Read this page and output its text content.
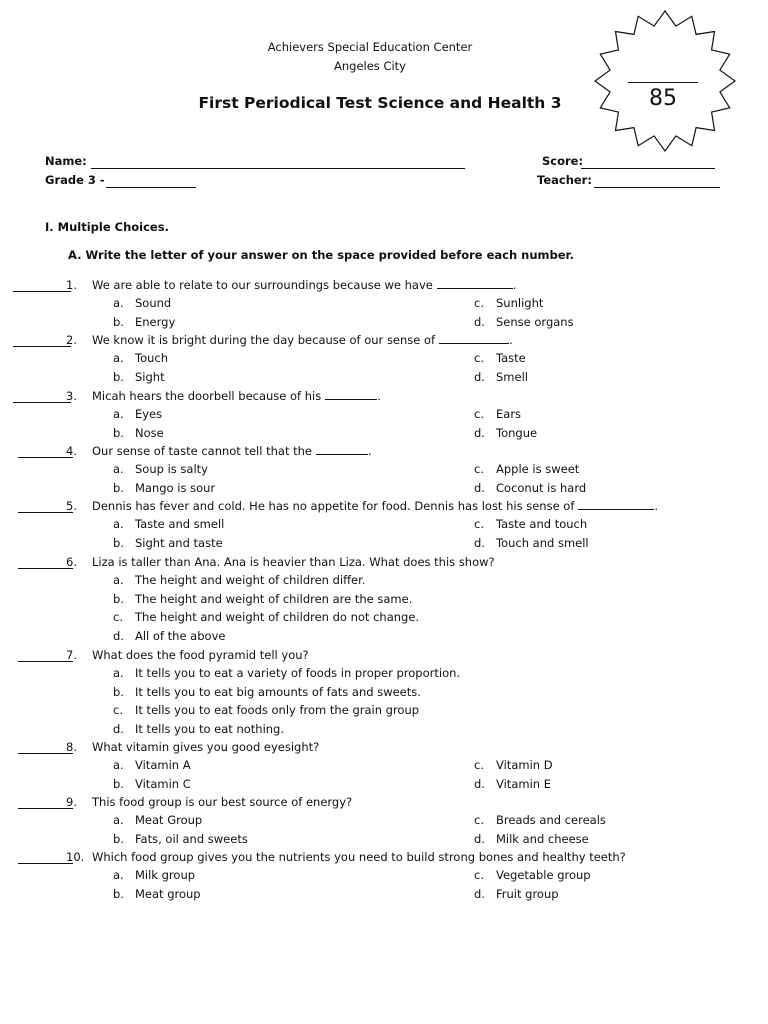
Achievers Special Education Center
Angeles City
First Periodical Test Science and Health 3	85
Name:	Score:
Grade 3 -	Teacher:
I. Multiple Choices.
A. Write the letter of your answer on the space provided before each number.
1. We are able to relate to our surroundings because we have	.
a. Sound	c. Sunlight
b. Energy	d. Sense organs
2. We know it is bright during the day because of our sense of	.
a. Touch	c. Taste
b. Sight	d. Smell
3. Micah hears the doorbell because of his	.
a. Eyes	c. Ears
b. Nose	d. Tongue
4. Our sense of taste cannot tell that the	.
a. Soup is salty	c. Apple is sweet
b. Mango is sour	d. Coconut is hard
5. Dennis has fever and cold. He has no appetite for food. Dennis has lost his sense of	.
a. Taste and smell	c. Taste and touch
b. Sight and taste	d. Touch and smell
6. Liza is taller than Ana. Ana is heavier than Liza. What does this show?
a. The height and weight of children differ.
b. The height and weight of children are the same.
c. The height and weight of children do not change.
d. All of the above
7. What does the food pyramid tell you?
a. It tells you to eat a variety of foods in proper proportion.
b. It tells you to eat big amounts of fats and sweets.
c. It tells you to eat foods only from the grain group
d. It tells you to eat nothing.
8. What vitamin gives you good eyesight?
a. Vitamin A	c. Vitamin D
b. Vitamin C	d. Vitamin E
9. This food group is our best source of energy?
a. Meat Group	c. Breads and cereals
b. Fats, oil and sweets	d. Milk and cheese
10. Which food group gives you the nutrients you need to build strong bones and healthy teeth?
a. Milk group	c. Vegetable group
b. Meat group	d. Fruit group
